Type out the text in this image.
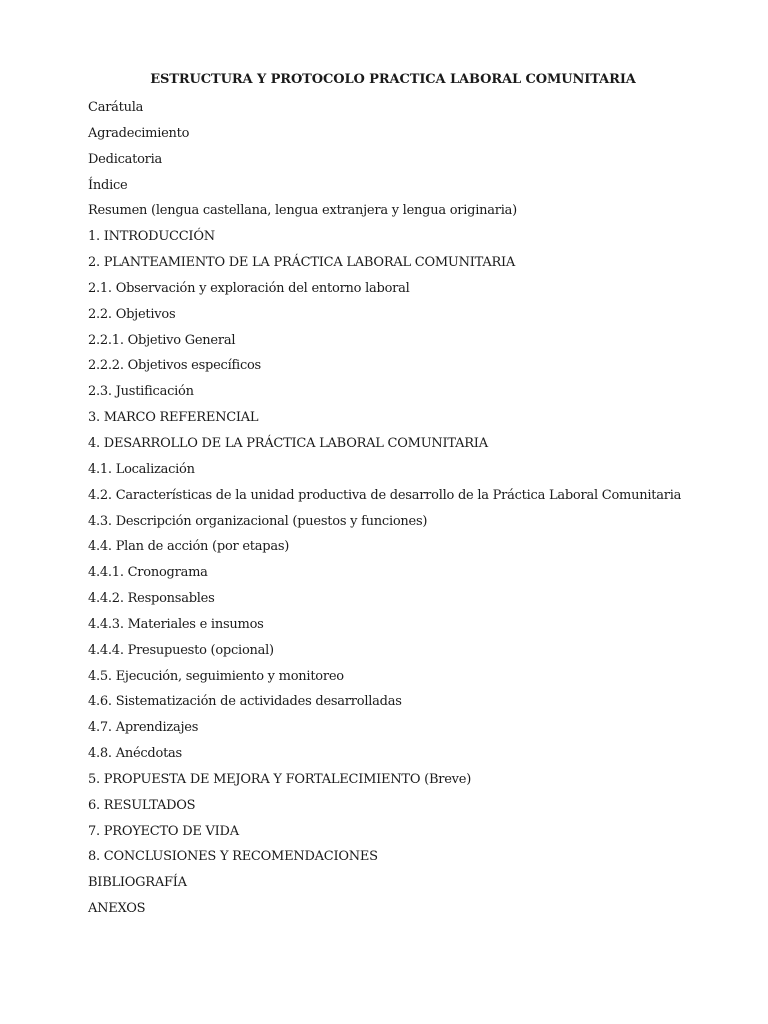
ESTRUCTURA Y PROTOCOLO PRACTICA LABORAL COMUNITARIA
Carátula
Agradecimiento
Dedicatoria
Índice
Resumen (lengua castellana, lengua extranjera y lengua originaria)
1. INTRODUCCIÓN
2. PLANTEAMIENTO DE LA PRÁCTICA LABORAL COMUNITARIA
2.1. Observación y exploración del entorno laboral
2.2. Objetivos
2.2.1. Objetivo General
2.2.2. Objetivos específicos
2.3. Justificación
3. MARCO REFERENCIAL
4. DESARROLLO DE LA PRÁCTICA LABORAL COMUNITARIA
4.1. Localización
4.2. Características de la unidad productiva de desarrollo de la Práctica Laboral Comunitaria
4.3. Descripción organizacional (puestos y funciones)
4.4. Plan de acción (por etapas)
4.4.1. Cronograma
4.4.2. Responsables
4.4.3. Materiales e insumos
4.4.4. Presupuesto (opcional)
4.5. Ejecución, seguimiento y monitoreo
4.6. Sistematización de actividades desarrolladas
4.7. Aprendizajes
4.8. Anécdotas
5. PROPUESTA DE MEJORA Y FORTALECIMIENTO (Breve)
6. RESULTADOS
7. PROYECTO DE VIDA
8. CONCLUSIONES Y RECOMENDACIONES
BIBLIOGRAFÍA
ANEXOS
